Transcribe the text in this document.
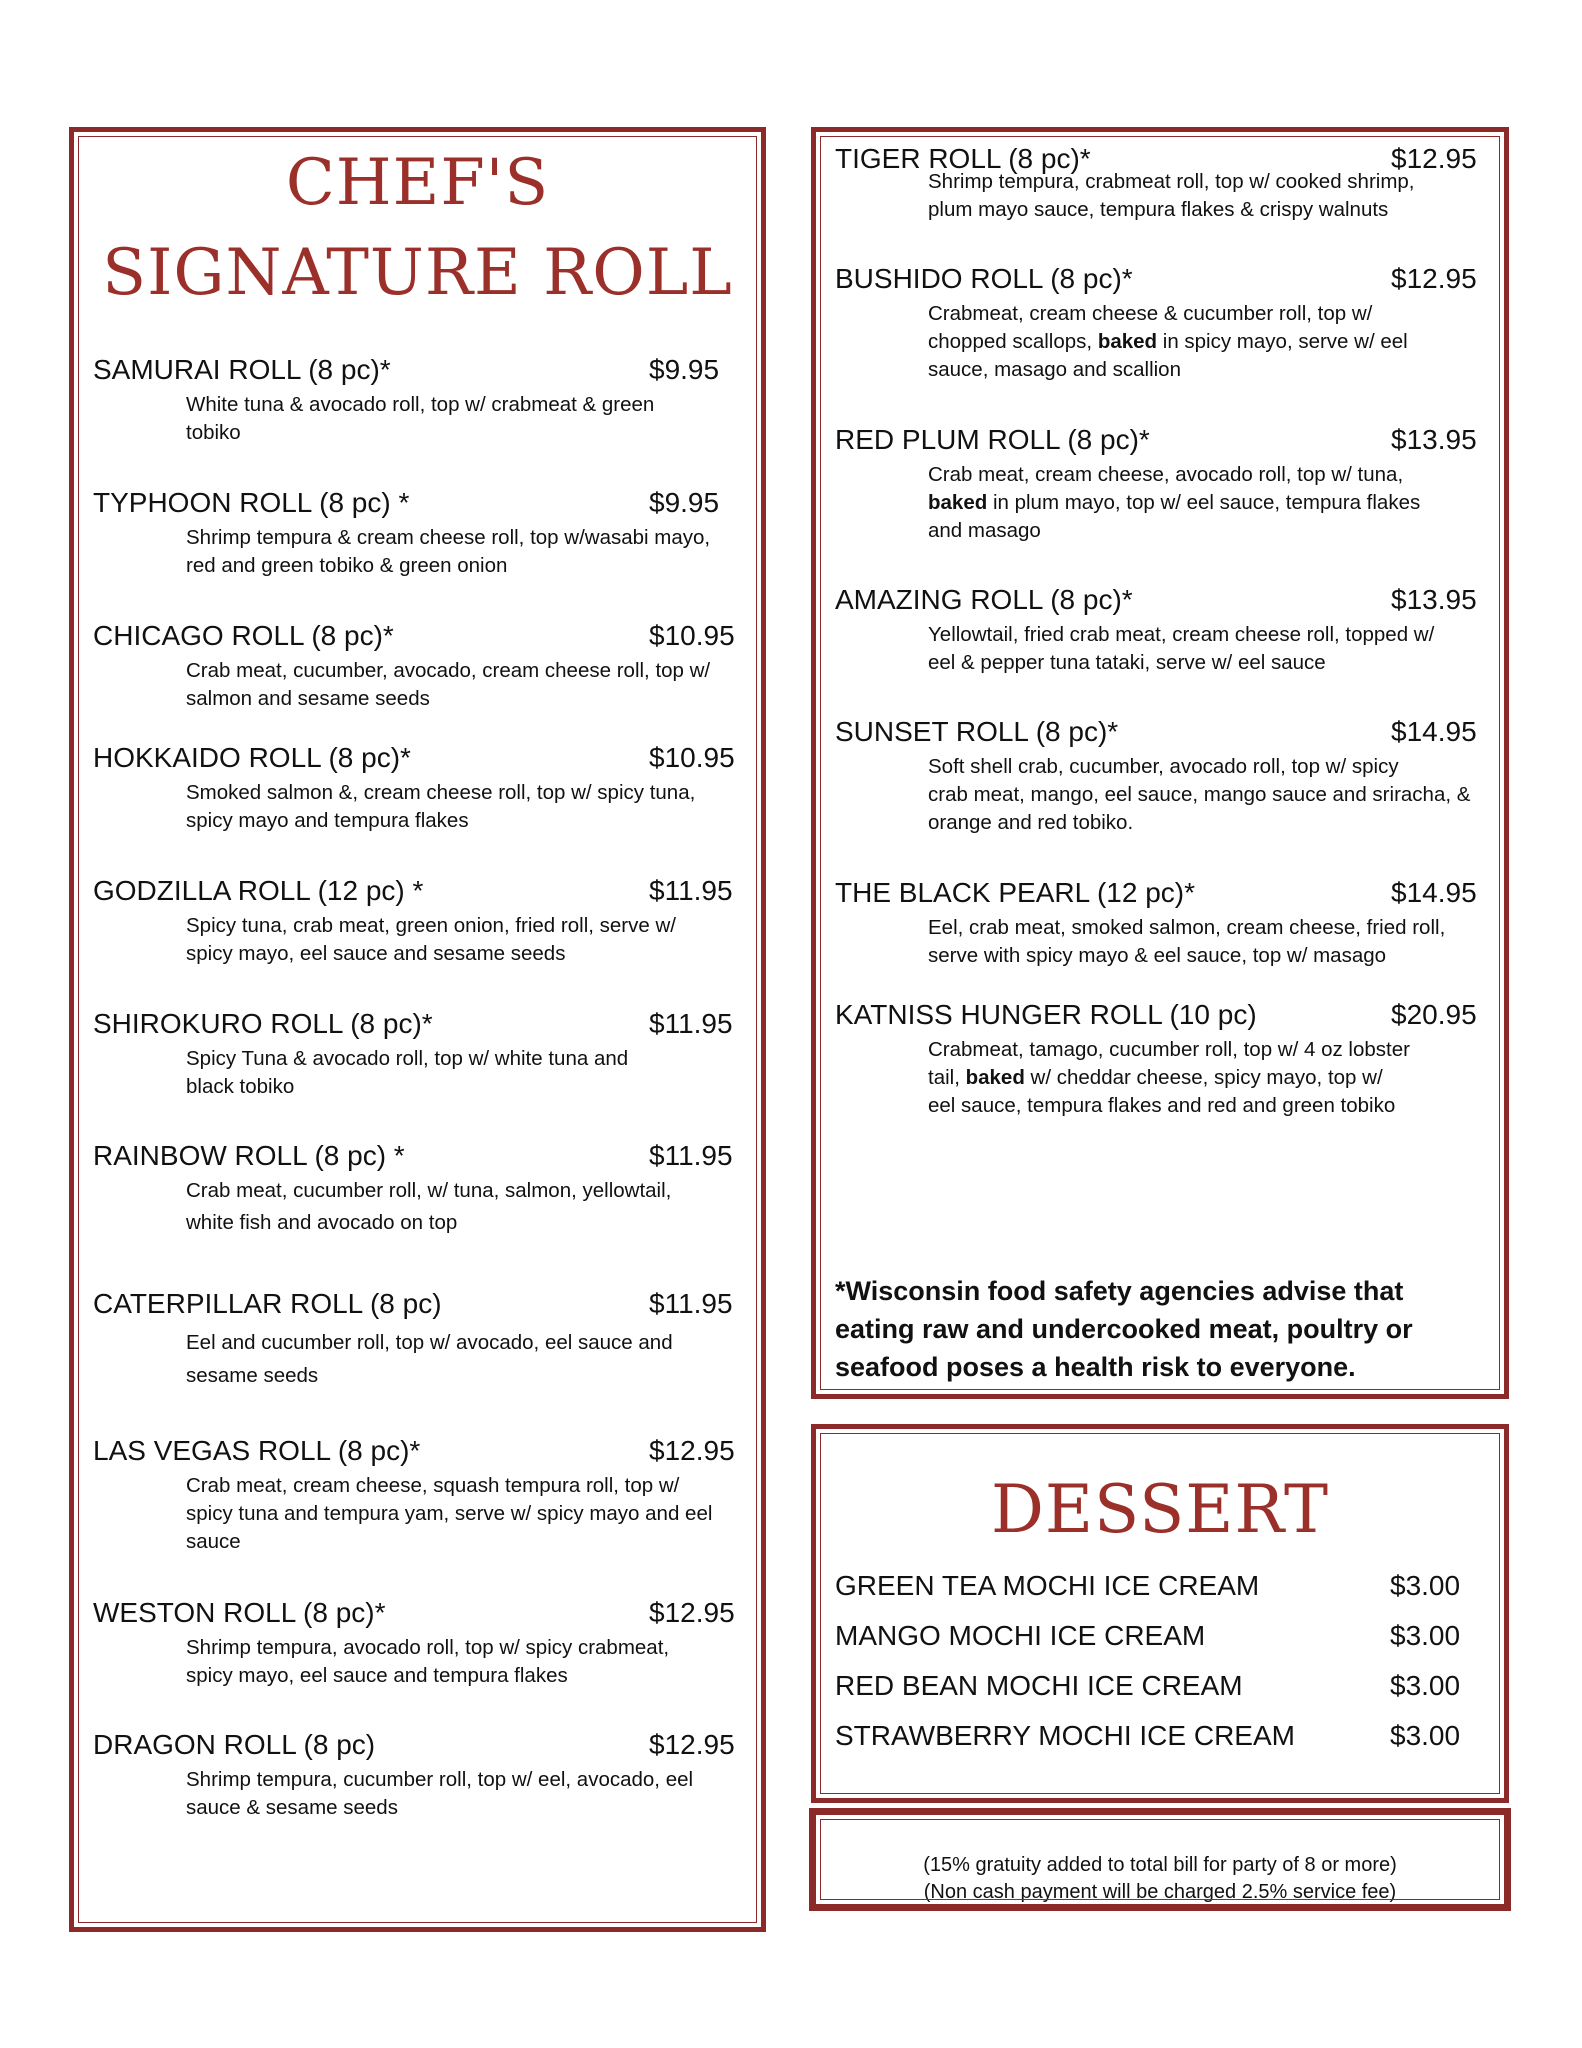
CHEF'S
SIGNATURE ROLL
SAMURAI ROLL (8 pc)*	$9.95
White tuna & avocado roll, top w/ crabmeat & green
tobiko
TYPHOON ROLL (8 pc) *	$9.95
Shrimp tempura & cream cheese roll, top w/wasabi mayo,
red and green tobiko & green onion
CHICAGO ROLL (8 pc)*	$10.95
Crab meat, cucumber, avocado, cream cheese roll, top w/
salmon and sesame seeds
HOKKAIDO ROLL (8 pc)*	$10.95
Smoked salmon &, cream cheese roll, top w/ spicy tuna,
spicy mayo and tempura flakes
GODZILLA ROLL (12 pc) *	$11.95
Spicy tuna, crab meat, green onion, fried roll, serve w/
spicy mayo, eel sauce and sesame seeds
SHIROKURO ROLL (8 pc)*	$11.95
Spicy Tuna & avocado roll, top w/ white tuna and
black tobiko
RAINBOW ROLL (8 pc) *	$11.95
Crab meat, cucumber roll, w/ tuna, salmon, yellowtail,
white fish and avocado on top
CATERPILLAR ROLL (8 pc)	$11.95
Eel and cucumber roll, top w/ avocado, eel sauce and
sesame seeds
LAS VEGAS ROLL (8 pc)*	$12.95
Crab meat, cream cheese, squash tempura roll, top w/
spicy tuna and tempura yam, serve w/ spicy mayo and eel
sauce
WESTON ROLL (8 pc)*	$12.95
Shrimp tempura, avocado roll, top w/ spicy crabmeat,
spicy mayo, eel sauce and tempura flakes
DRAGON ROLL (8 pc)	$12.95
Shrimp tempura, cucumber roll, top w/ eel, avocado, eel
sauce & sesame seeds
TIGER ROLL (8 pc)*	$12.95
Shrimp tempura, crabmeat roll, top w/ cooked shrimp,
plum mayo sauce, tempura flakes & crispy walnuts
BUSHIDO ROLL (8 pc)*	$12.95
Crabmeat, cream cheese & cucumber roll, top w/
chopped scallops, baked in spicy mayo, serve w/ eel
sauce, masago and scallion
RED PLUM ROLL (8 pc)*	$13.95
Crab meat, cream cheese, avocado roll, top w/ tuna,
baked in plum mayo, top w/ eel sauce, tempura flakes
and masago
AMAZING ROLL (8 pc)*	$13.95
Yellowtail, fried crab meat, cream cheese roll, topped w/
eel & pepper tuna tataki, serve w/ eel sauce
SUNSET ROLL (8 pc)*	$14.95
Soft shell crab, cucumber, avocado roll, top w/ spicy
crab meat, mango, eel sauce, mango sauce and sriracha, &
orange and red tobiko.
THE BLACK PEARL (12 pc)*	$14.95
Eel, crab meat, smoked salmon, cream cheese, fried roll,
serve with spicy mayo & eel sauce, top w/ masago
KATNISS HUNGER ROLL (10 pc)	$20.95
Crabmeat, tamago, cucumber roll, top w/ 4 oz lobster
tail, baked w/ cheddar cheese, spicy mayo, top w/
eel sauce, tempura flakes and red and green tobiko
*Wisconsin food safety agencies advise that
eating raw and undercooked meat, poultry or
seafood poses a health risk to everyone.
DESSERT
GREEN TEA MOCHI ICE CREAM	$3.00
MANGO MOCHI ICE CREAM	$3.00
RED BEAN MOCHI ICE CREAM	$3.00
STRAWBERRY MOCHI ICE CREAM	$3.00
(15% gratuity added to total bill for party of 8 or more)
(Non cash payment will be charged 2.5% service fee)
